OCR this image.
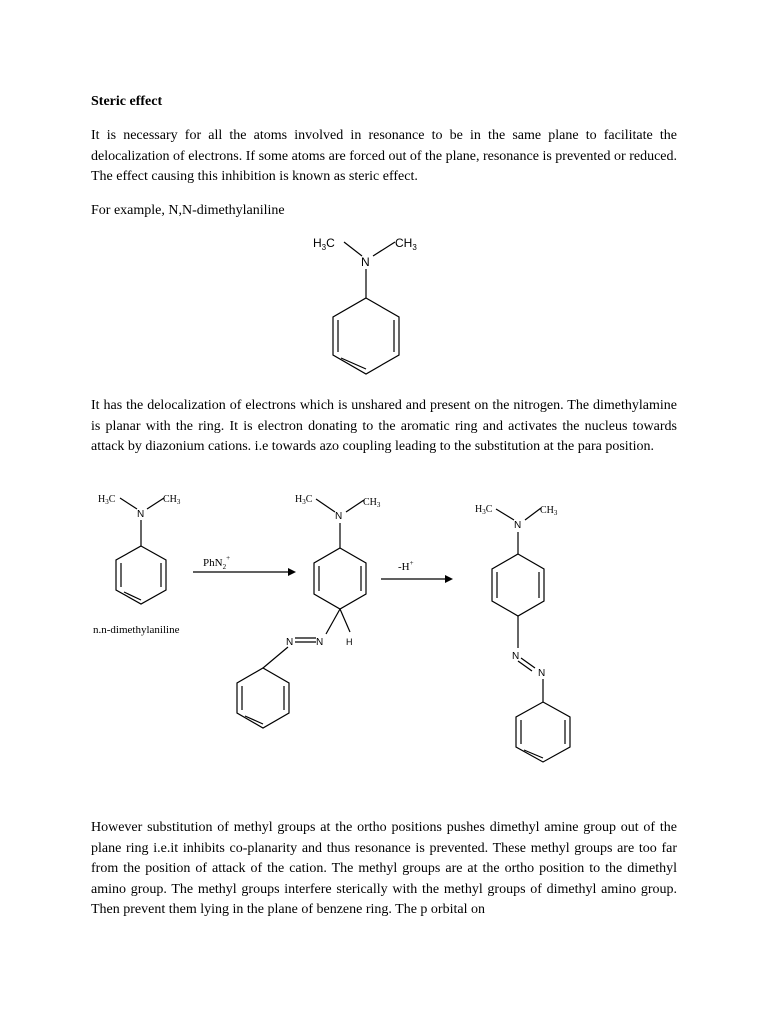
Steric effect
It is necessary for all the atoms involved in resonance to be in the same plane to facilitate the delocalization of electrons. If some atoms are forced out of the plane, resonance is prevented or reduced. The effect causing this inhibition is known as steric effect.
For example, N,N-dimethylaniline
$H_3C$	$CH_3$
N
It has the delocalization of electrons which is unshared and present on the nitrogen. The dimethylamine is planar with the ring. It is electron donating to the aromatic ring and activates the nucleus towards attack by diazonium cations. i.e towards azo coupling leading to the substitution at the para position.
$H_3C$	$CH_3$
N
n.n-dimethylaniline
PhN$_2$+
$H_3C$	$CH_3$
N
H
N N
-H+
$H_3C$	$CH_3$
N
N
N
However substitution of methyl groups at the ortho positions pushes dimethyl amine group out of the plane ring i.e.it inhibits co-planarity and thus resonance is prevented. These methyl groups are too far from the position of attack of the cation. The methyl groups are at the ortho position to the dimethyl amino group. The methyl groups interfere sterically with the methyl groups of dimethyl amino group. Then prevent them lying in the plane of benzene ring. The p orbital on
